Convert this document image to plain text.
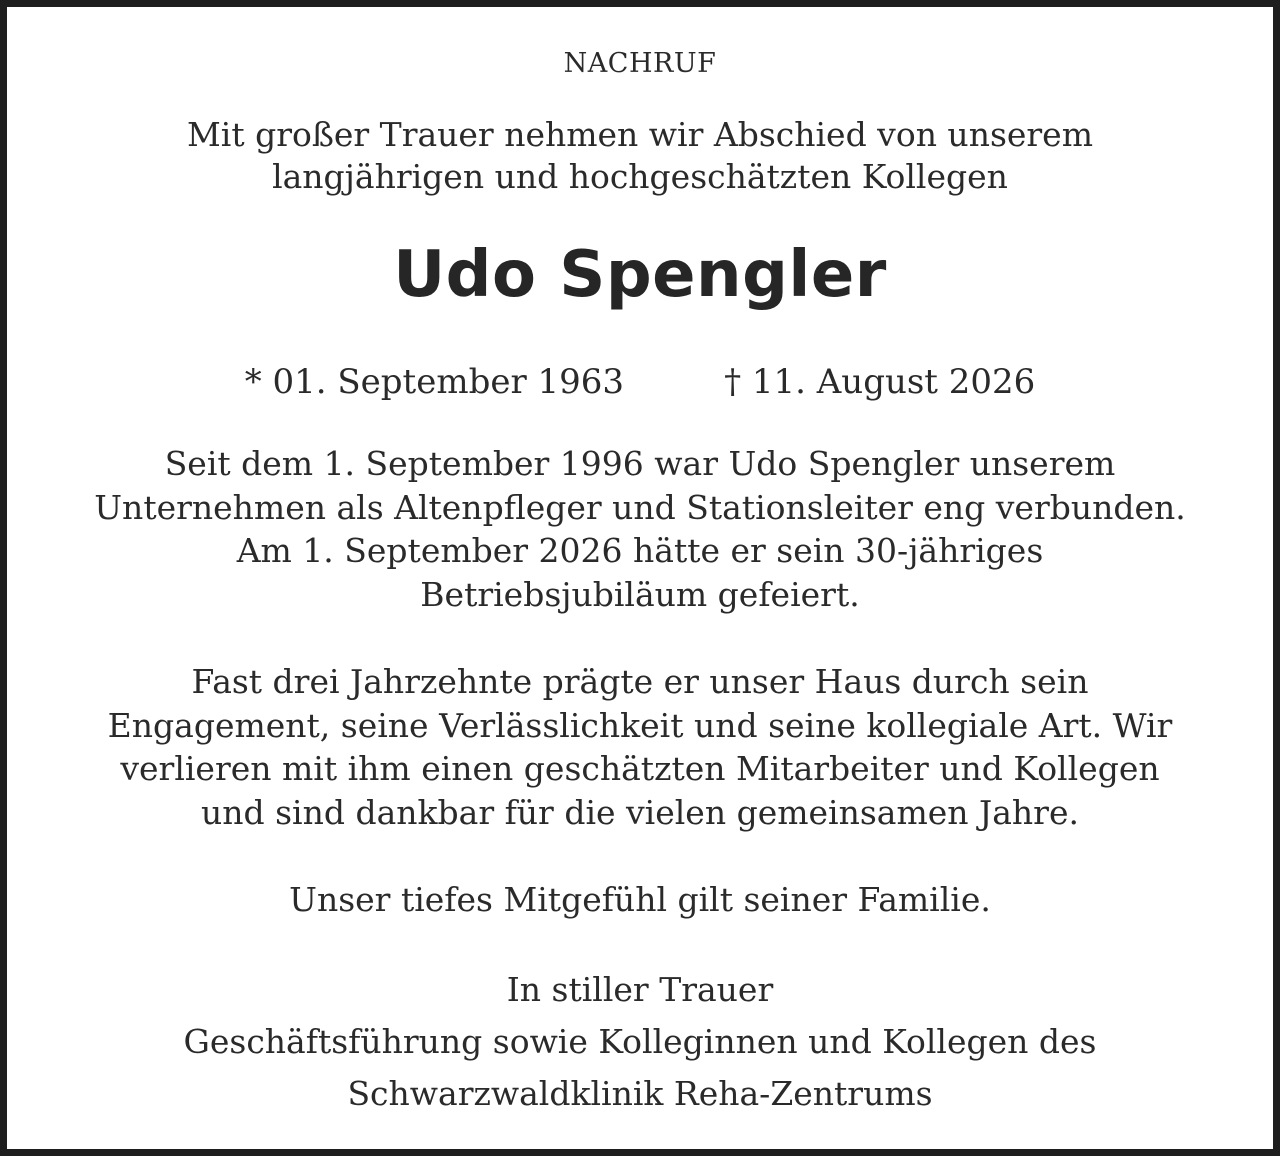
NACHRUF
Mit großer Trauer nehmen wir Abschied von unserem
langjährigen und hochgeschätzten Kollegen
Udo Spengler
* 01. September 1963	† 11. August 2026
Seit dem 1. September 1996 war Udo Spengler unserem
Unternehmen als Altenpfleger und Stationsleiter eng verbunden.
Am 1. September 2026 hätte er sein 30-jähriges
Betriebsjubiläum gefeiert.
Fast drei Jahrzehnte prägte er unser Haus durch sein
Engagement, seine Verlässlichkeit und seine kollegiale Art. Wir
verlieren mit ihm einen geschätzten Mitarbeiter und Kollegen
und sind dankbar für die vielen gemeinsamen Jahre.
Unser tiefes Mitgefühl gilt seiner Familie.
In stiller Trauer
Geschäftsführung sowie Kolleginnen und Kollegen des
Schwarzwaldklinik Reha-Zentrums
